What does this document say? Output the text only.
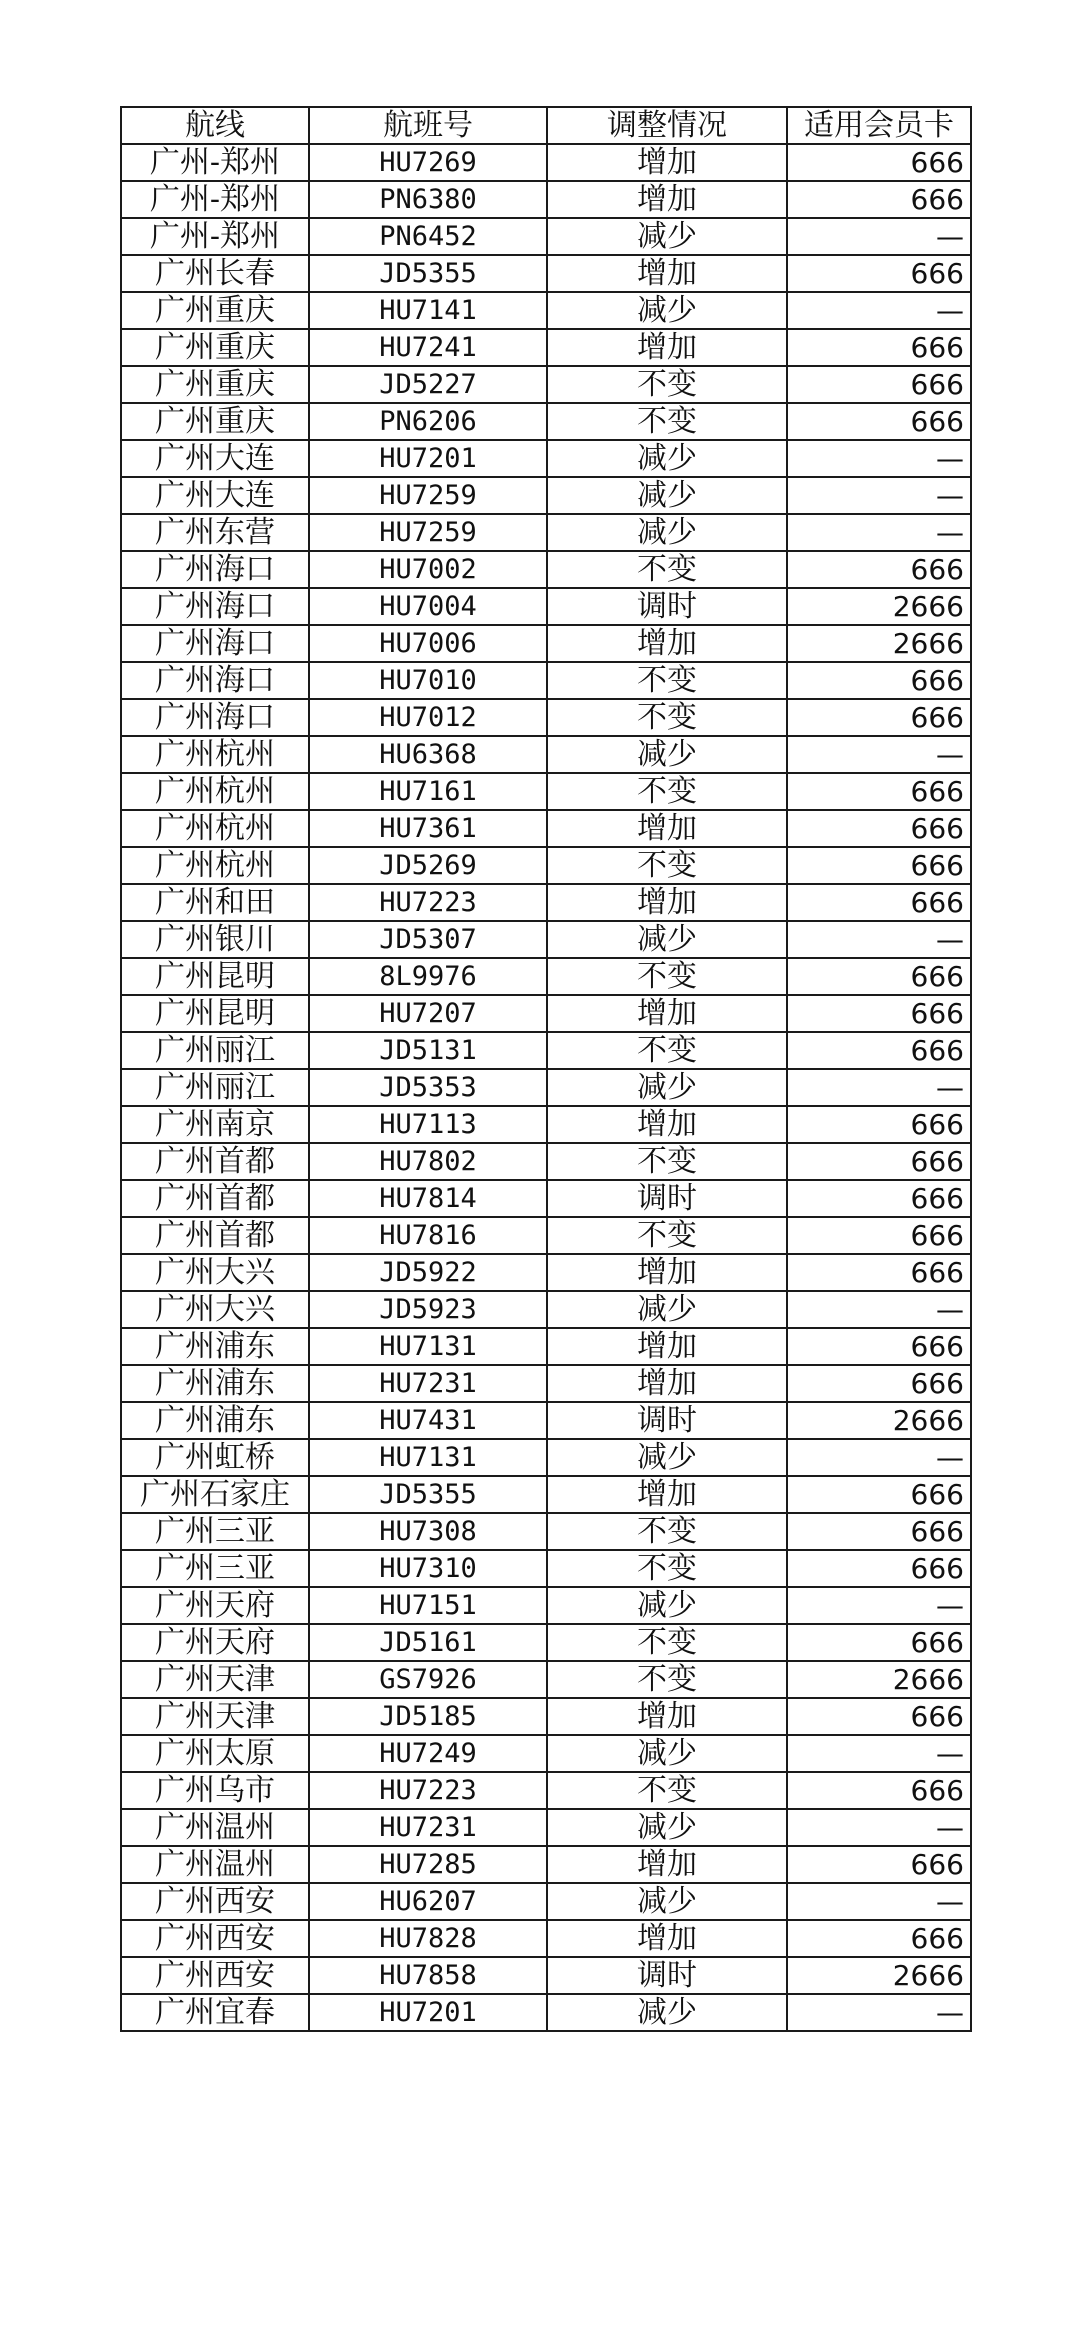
航线	航班号	调整情况	适用会员卡
广州-郑州	HU7269	增加	666
广州-郑州	PN6380	增加	666
广州-郑州	PN6452	减少	—
广州长春	JD5355	增加	666
广州重庆	HU7141	减少	—
广州重庆	HU7241	增加	666
广州重庆	JD5227	不变	666
广州重庆	PN6206	不变	666
广州大连	HU7201	减少	—
广州大连	HU7259	减少	—
广州东营	HU7259	减少	—
广州海口	HU7002	不变	666
广州海口	HU7004	调时	2666
广州海口	HU7006	增加	2666
广州海口	HU7010	不变	666
广州海口	HU7012	不变	666
广州杭州	HU6368	减少	—
广州杭州	HU7161	不变	666
广州杭州	HU7361	增加	666
广州杭州	JD5269	不变	666
广州和田	HU7223	增加	666
广州银川	JD5307	减少	—
广州昆明	8L9976	不变	666
广州昆明	HU7207	增加	666
广州丽江	JD5131	不变	666
广州丽江	JD5353	减少	—
广州南京	HU7113	增加	666
广州首都	HU7802	不变	666
广州首都	HU7814	调时	666
广州首都	HU7816	不变	666
广州大兴	JD5922	增加	666
广州大兴	JD5923	减少	—
广州浦东	HU7131	增加	666
广州浦东	HU7231	增加	666
广州浦东	HU7431	调时	2666
广州虹桥	HU7131	减少	—
广州石家庄	JD5355	增加	666
广州三亚	HU7308	不变	666
广州三亚	HU7310	不变	666
广州天府	HU7151	减少	—
广州天府	JD5161	不变	666
广州天津	GS7926	不变	2666
广州天津	JD5185	增加	666
广州太原	HU7249	减少	—
广州乌市	HU7223	不变	666
广州温州	HU7231	减少	—
广州温州	HU7285	增加	666
广州西安	HU6207	减少	—
广州西安	HU7828	增加	666
广州西安	HU7858	调时	2666
广州宜春	HU7201	减少	—
